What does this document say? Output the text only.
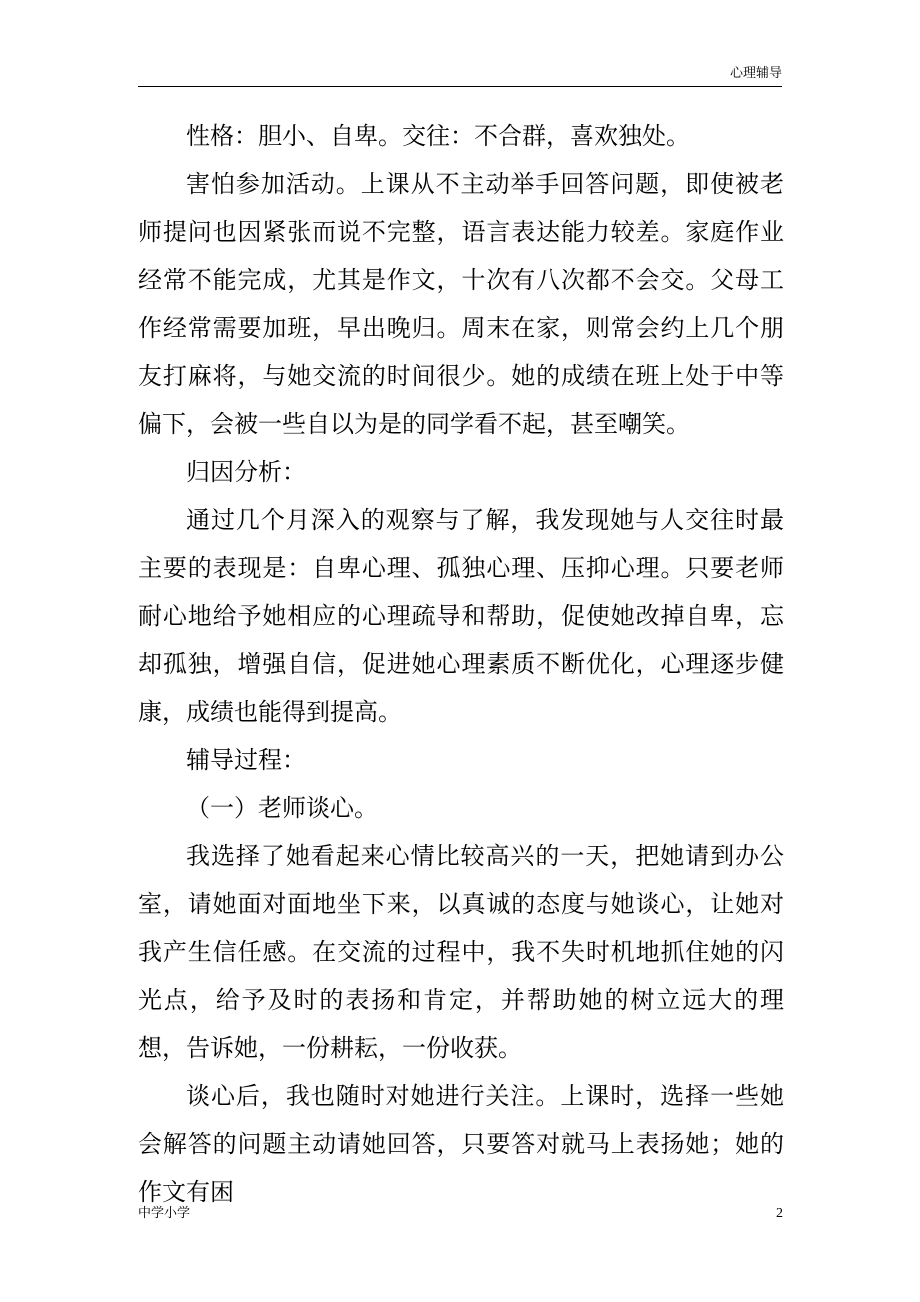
心理辅导

性格：胆小、自卑。交往：不合群，喜欢独处。

害怕参加活动。上课从不主动举手回答问题，即使被老师提问也因紧张而说不完整，语言表达能力较差。家庭作业经常不能完成，尤其是作文，十次有八次都不会交。父母工作经常需要加班，早出晚归。周末在家，则常会约上几个朋友打麻将，与她交流的时间很少。她的成绩在班上处于中等偏下，会被一些自以为是的同学看不起，甚至嘲笑。

归因分析：

通过几个月深入的观察与了解，我发现她与人交往时最主要的表现是：自卑心理、孤独心理、压抑心理。只要老师耐心地给予她相应的心理疏导和帮助，促使她改掉自卑，忘却孤独，增强自信，促进她心理素质不断优化，心理逐步健康，成绩也能得到提高。

辅导过程：

（一）老师谈心。

我选择了她看起来心情比较高兴的一天，把她请到办公室，请她面对面地坐下来，以真诚的态度与她谈心，让她对我产生信任感。在交流的过程中，我不失时机地抓住她的闪光点，给予及时的表扬和肯定，并帮助她的树立远大的理想，告诉她，一份耕耘，一份收获。

谈心后，我也随时对她进行关注。上课时，选择一些她会解答的问题主动请她回答，只要答对就马上表扬她；她的作文有困

中学小学	2
